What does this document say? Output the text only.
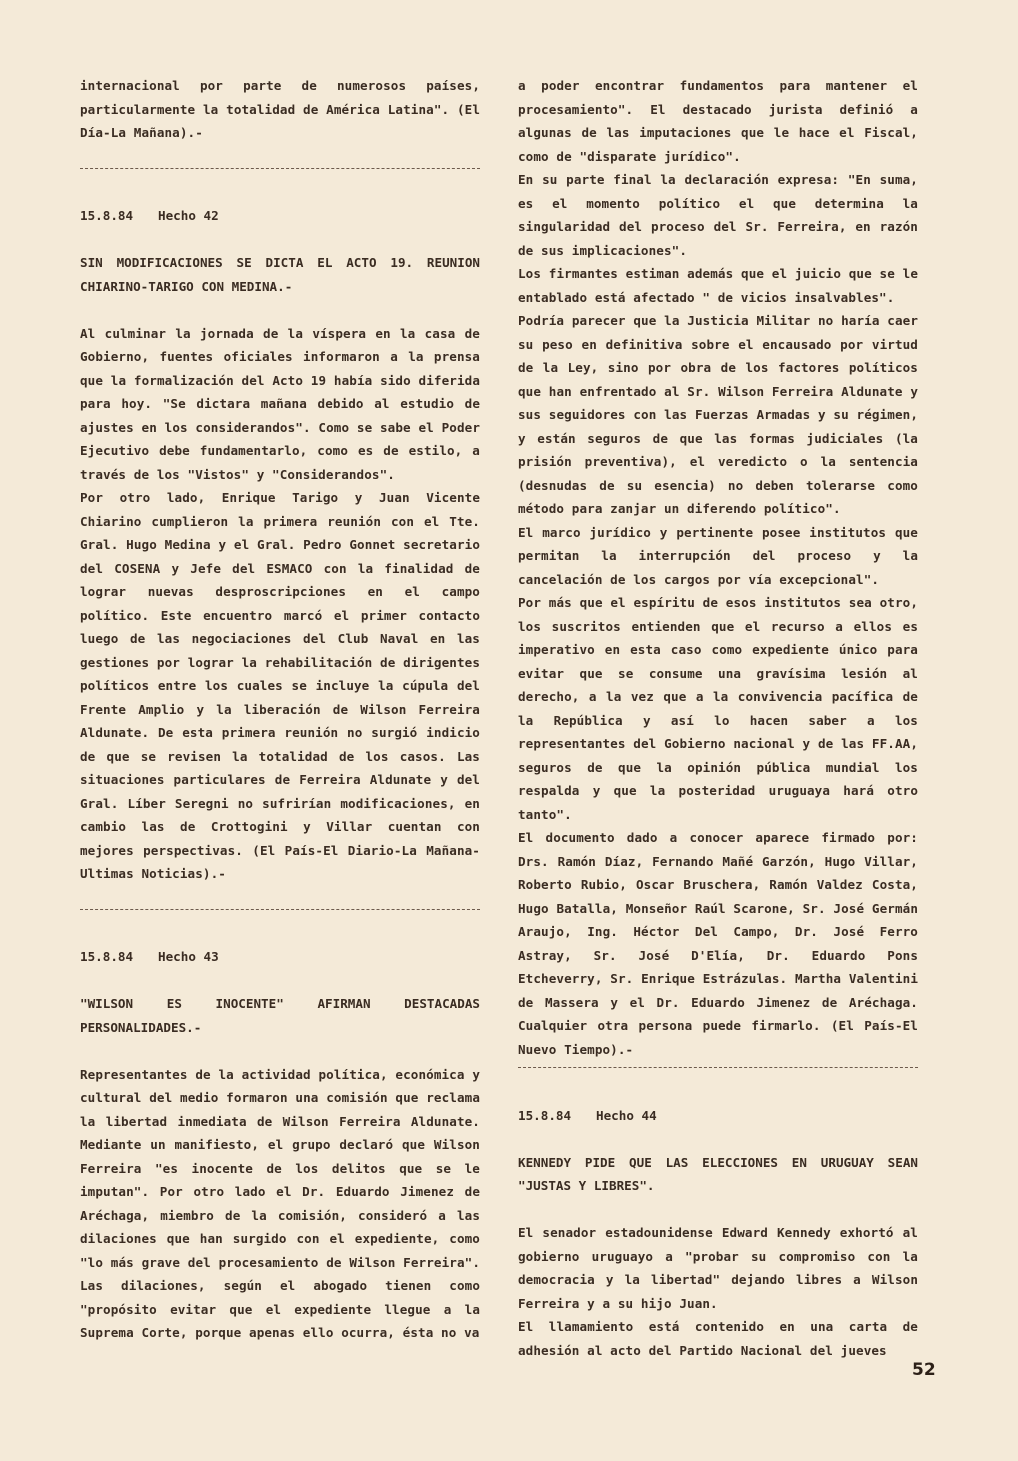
internacional por parte de numerosos países, particularmente la totalidad de América Latina". (El Día-La Mañana).-

15.8.84 Hecho 42

SIN MODIFICACIONES SE DICTA EL ACTO 19. REUNION CHIARINO-TARIGO CON MEDINA.-

Al culminar la jornada de la víspera en la casa de Gobierno, fuentes oficiales informaron a la prensa que la formalización del Acto 19 había sido diferida para hoy. "Se dictara mañana debido al estudio de ajustes en los considerandos". Como se sabe el Poder Ejecutivo debe fundamentarlo, como es de estilo, a través de los "Vistos" y "Considerandos".

Por otro lado, Enrique Tarigo y Juan Vicente Chiarino cumplieron la primera reunión con el Tte. Gral. Hugo Medina y el Gral. Pedro Gonnet secretario del COSENA y Jefe del ESMACO con la finalidad de lograr nuevas desproscripciones en el campo político. Este encuentro marcó el primer contacto luego de las negociaciones del Club Naval en las gestiones por lograr la rehabilitación de dirigentes políticos entre los cuales se incluye la cúpula del Frente Amplio y la liberación de Wilson Ferreira Aldunate. De esta primera reunión no surgió indicio de que se revisen la totalidad de los casos. Las situaciones particulares de Ferreira Aldunate y del Gral. Líber Seregni no sufrirían modificaciones, en cambio las de Crottogini y Villar cuentan con mejores perspectivas. (El País-El Diario-La Mañana-Ultimas Noticias).-

15.8.84 Hecho 43

"WILSON ES INOCENTE" AFIRMAN DESTACADAS PERSONALIDADES.-

Representantes de la actividad política, económica y cultural del medio formaron una comisión que reclama la libertad inmediata de Wilson Ferreira Aldunate. Mediante un manifiesto, el grupo declaró que Wilson Ferreira "es inocente de los delitos que se le imputan". Por otro lado el Dr. Eduardo Jimenez de Aréchaga, miembro de la comisión, consideró a las dilaciones que han surgido con el expediente, como "lo más grave del procesamiento de Wilson Ferreira". Las dilaciones, según el abogado tienen como "propósito evitar que el expediente llegue a la Suprema Corte, porque apenas ello ocurra, ésta no va

a poder encontrar fundamentos para mantener el procesamiento". El destacado jurista definió a algunas de las imputaciones que le hace el Fiscal, como de "disparate jurídico".

En su parte final la declaración expresa: "En suma, es el momento político el que determina la singularidad del proceso del Sr. Ferreira, en razón de sus implicaciones".

Los firmantes estiman además que el juicio que se le entablado está afectado " de vicios insalvables".

Podría parecer que la Justicia Militar no haría caer su peso en definitiva sobre el encausado por virtud de la Ley, sino por obra de los factores políticos que han enfrentado al Sr. Wilson Ferreira Aldunate y sus seguidores con las Fuerzas Armadas y su régimen, y están seguros de que las formas judiciales (la prisión preventiva), el veredicto o la sentencia (desnudas de su esencia) no deben tolerarse como método para zanjar un diferendo político".

El marco jurídico y pertinente posee institutos que permitan la interrupción del proceso y la cancelación de los cargos por vía excepcional".

Por más que el espíritu de esos institutos sea otro, los suscritos entienden que el recurso a ellos es imperativo en esta caso como expediente único para evitar que se consume una gravísima lesión al derecho, a la vez que a la convivencia pacífica de la República y así lo hacen saber a los representantes del Gobierno nacional y de las FF.AA, seguros de que la opinión pública mundial los respalda y que la posteridad uruguaya hará otro tanto".

El documento dado a conocer aparece firmado por: Drs. Ramón Díaz, Fernando Mañé Garzón, Hugo Villar, Roberto Rubio, Oscar Bruschera, Ramón Valdez Costa, Hugo Batalla, Monseñor Raúl Scarone, Sr. José Germán Araujo, Ing. Héctor Del Campo, Dr. José Ferro Astray, Sr. José D'Elía, Dr. Eduardo Pons Etcheverry, Sr. Enrique Estrázulas. Martha Valentini de Massera y el Dr. Eduardo Jimenez de Aréchaga. Cualquier otra persona puede firmarlo. (El País-El Nuevo Tiempo).-

15.8.84 Hecho 44

KENNEDY PIDE QUE LAS ELECCIONES EN URUGUAY SEAN "JUSTAS Y LIBRES".

El senador estadounidense Edward Kennedy exhortó al gobierno uruguayo a "probar su compromiso con la democracia y la libertad" dejando libres a Wilson Ferreira y a su hijo Juan.

El llamamiento está contenido en una carta de adhesión al acto del Partido Nacional del jueves

52
